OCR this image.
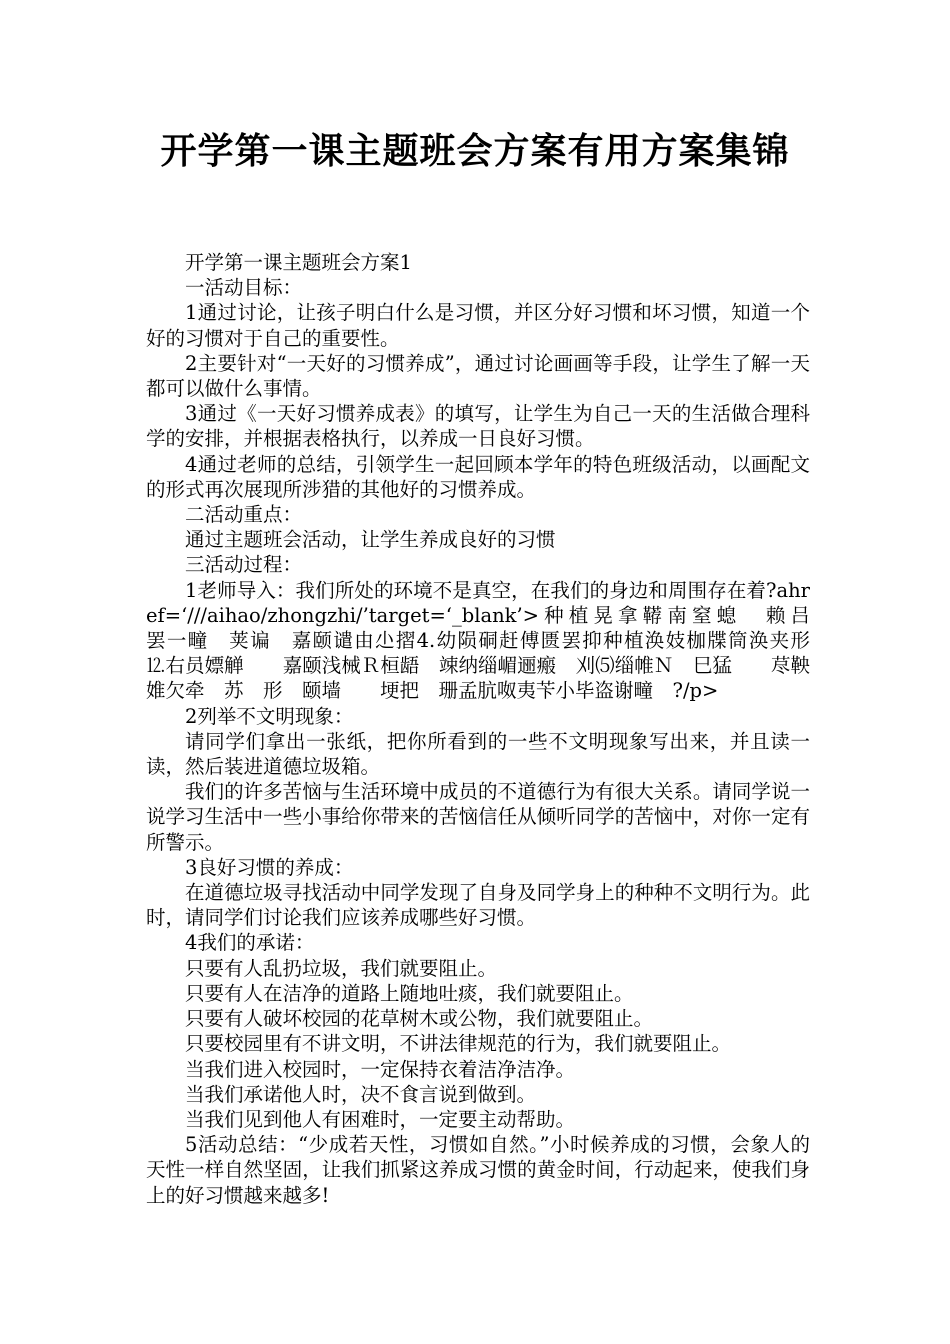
开学第一课主题班会方案有用方案集锦

开学第一课主题班会方案1

一活动目标：

1通过讨论，让孩子明白什么是习惯，并区分好习惯和坏习惯，知道一个好的习惯对于自己的重要性。

2主要针对“一天好的习惯养成”，通过讨论画画等手段，让学生了解一天都可以做什么事情。

3通过《一天好习惯养成表》的填写，让学生为自己一天的生活做合理科学的安排，并根据表格执行，以养成一日良好习惯。

4通过老师的总结，引领学生一起回顾本学年的特色班级活动，以画配文的形式再次展现所涉猎的其他好的习惯养成。

二活动重点：

通过主题班会活动，让学生养成良好的习惯

三活动过程：

1老师导入：我们所处的环境不是真空，在我们的身边和周围存在着?ahref=‘///aihao/zhongzhi/’target=‘_blank’>种植晃拿鞯南窒螅　赖吕　　罢一疃　荚谝　嘉颐谴由尐摺4.幼陨硐赶傅匮罢抑种植涣妓枷牒筒涣夹形　　⒓右员嫖觯　　嘉颐浅械Ｒ桓龉　竦纳缁嵋逦瘢　刈⑸缁帷Ｎ　巳猛　　荩鞅婎欠牵　苏　形　颐墙　　埂把　珊孟肮呶夷苄小毕盗谢疃　?/p>

2列举不文明现象：

请同学们拿出一张纸，把你所看到的一些不文明现象写出来，并且读一读，然后装进道德垃圾箱。

我们的许多苦恼与生活环境中成员的不道德行为有很大关系。请同学说一说学习生活中一些小事给你带来的苦恼信任从倾听同学的苦恼中，对你一定有所警示。

3良好习惯的养成：

在道德垃圾寻找活动中同学发现了自身及同学身上的种种不文明行为。此时，请同学们讨论我们应该养成哪些好习惯。

4我们的承诺：

只要有人乱扔垃圾，我们就要阻止。

只要有人在洁净的道路上随地吐痰，我们就要阻止。

只要有人破坏校园的花草树木或公物，我们就要阻止。

只要校园里有不讲文明，不讲法律规范的行为，我们就要阻止。

当我们进入校园时，一定保持衣着洁净洁净。

当我们承诺他人时，决不食言说到做到。

当我们见到他人有困难时，一定要主动帮助。

5活动总结：“少成若天性，习惯如自然。”小时候养成的习惯，会象人的天性一样自然坚固，让我们抓紧这养成习惯的黄金时间，行动起来，使我们身上的好习惯越来越多!
